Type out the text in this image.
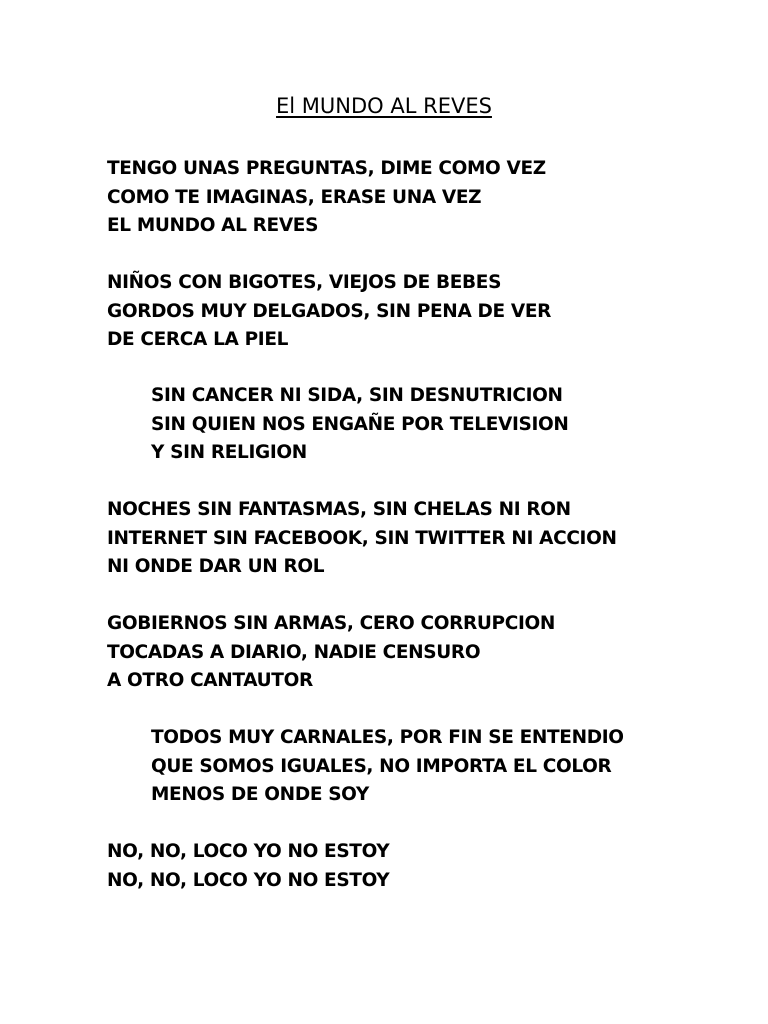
El MUNDO AL REVES
TENGO UNAS PREGUNTAS, DIME COMO VEZ
COMO TE IMAGINAS, ERASE UNA VEZ
EL MUNDO AL REVES
NIÑOS CON BIGOTES, VIEJOS DE BEBES
GORDOS MUY DELGADOS, SIN PENA DE VER
DE CERCA LA PIEL
SIN CANCER NI SIDA, SIN DESNUTRICION
SIN QUIEN NOS ENGAÑE POR TELEVISION
Y SIN RELIGION
NOCHES SIN FANTASMAS, SIN CHELAS NI RON
INTERNET SIN FACEBOOK, SIN TWITTER NI ACCION
NI ONDE DAR UN ROL
GOBIERNOS SIN ARMAS, CERO CORRUPCION
TOCADAS A DIARIO, NADIE CENSURO
A OTRO CANTAUTOR
TODOS MUY CARNALES, POR FIN SE ENTENDIO
QUE SOMOS IGUALES, NO IMPORTA EL COLOR
MENOS DE ONDE SOY
NO, NO, LOCO YO NO ESTOY
NO, NO, LOCO YO NO ESTOY
